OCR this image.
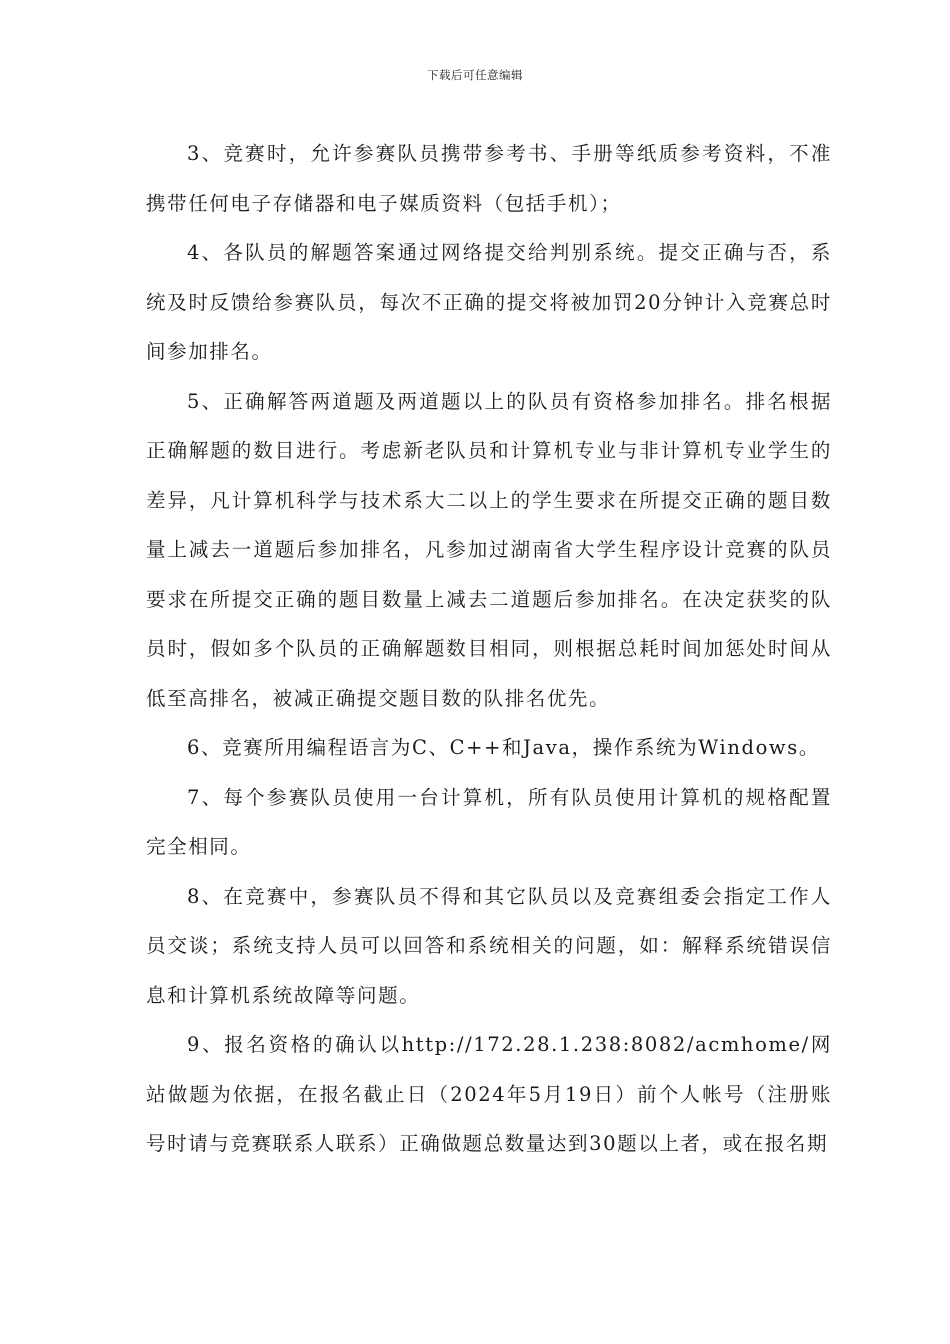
下载后可任意编辑

3、竞赛时，允许参赛队员携带参考书、手册等纸质参考资料，不准携带任何电子存储器和电子媒质资料（包括手机）；

4、各队员的解题答案通过网络提交给判别系统。提交正确与否，系统及时反馈给参赛队员，每次不正确的提交将被加罚20分钟计入竞赛总时间参加排名。

5、正确解答两道题及两道题以上的队员有资格参加排名。排名根据正确解题的数目进行。考虑新老队员和计算机专业与非计算机专业学生的差异，凡计算机科学与技术系大二以上的学生要求在所提交正确的题目数量上减去一道题后参加排名，凡参加过湖南省大学生程序设计竞赛的队员要求在所提交正确的题目数量上减去二道题后参加排名。在决定获奖的队员时，假如多个队员的正确解题数目相同，则根据总耗时间加惩处时间从低至高排名，被减正确提交题目数的队排名优先。

6、竞赛所用编程语言为C、C++和Java，操作系统为Windows。

7、每个参赛队员使用一台计算机，所有队员使用计算机的规格配置完全相同。

8、在竞赛中，参赛队员不得和其它队员以及竞赛组委会指定工作人员交谈；系统支持人员可以回答和系统相关的问题，如：解释系统错误信息和计算机系统故障等问题。

9、报名资格的确认以http://172.28.1.238:8082/acmhome/网站做题为依据，在报名截止日（2024年5月19日）前个人帐号（注册账号时请与竞赛联系人联系）正确做题总数量达到30题以上者，或在报名期
